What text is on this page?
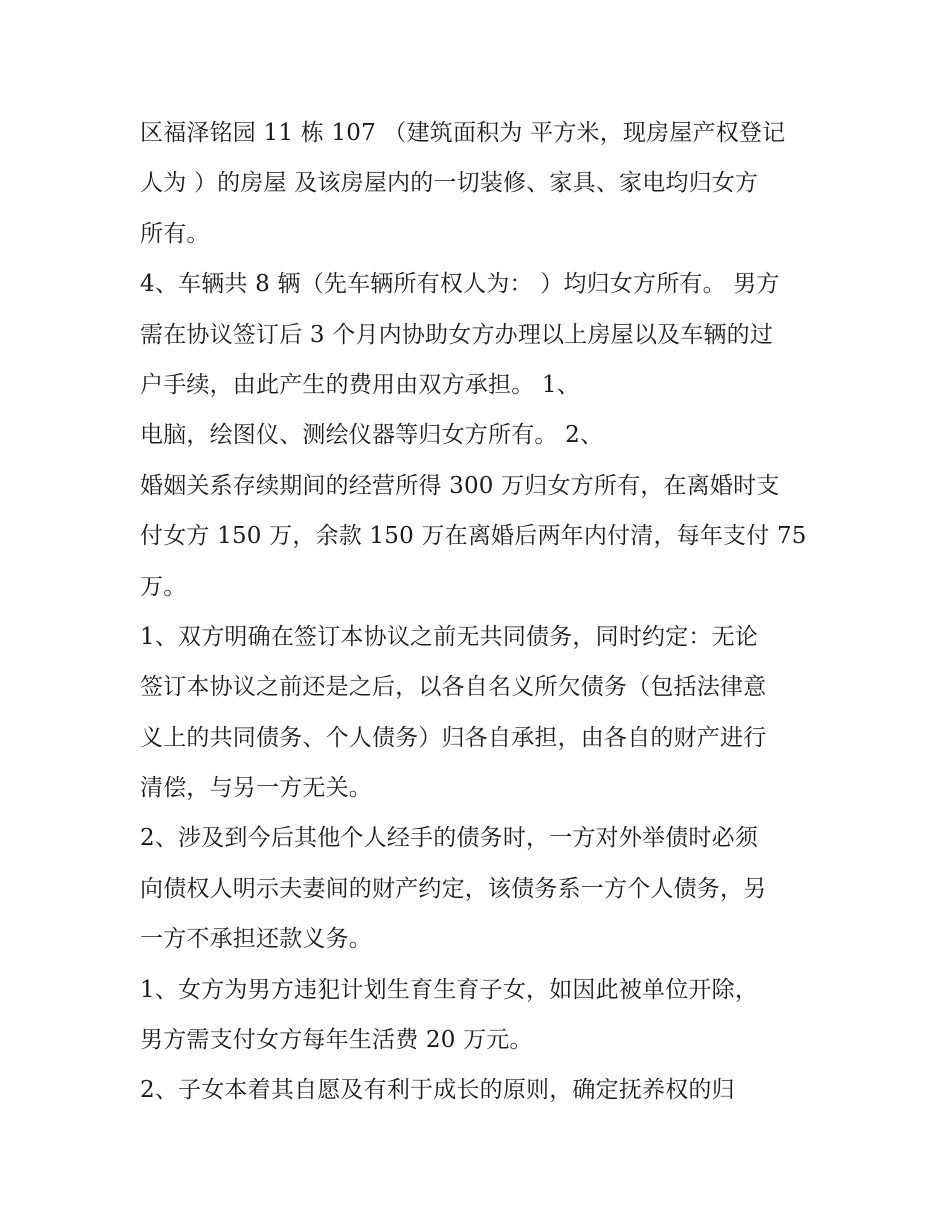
区福泽铭园 11 栋 107 （建筑面积为 平方米，现房屋产权登记
人为 ）的房屋 及该房屋内的一切装修、家具、家电均归女方
所有。
4、车辆共 8 辆（先车辆所有权人为： ）均归女方所有。 男方
需在协议签订后 3 个月内协助女方办理以上房屋以及车辆的过
户手续，由此产生的费用由双方承担。 1、
电脑，绘图仪、测绘仪器等归女方所有。 2、
婚姻关系存续期间的经营所得 300 万归女方所有，在离婚时支
付女方 150 万，余款 150 万在离婚后两年内付清，每年支付 75
万。
1、双方明确在签订本协议之前无共同债务，同时约定：无论
签订本协议之前还是之后，以各自名义所欠债务（包括法律意
义上的共同债务、个人债务）归各自承担，由各自的财产进行
清偿，与另一方无关。
2、涉及到今后其他个人经手的债务时，一方对外举债时必须
向债权人明示夫妻间的财产约定，该债务系一方个人债务，另
一方不承担还款义务。
1、女方为男方违犯计划生育生育子女，如因此被单位开除，
男方需支付女方每年生活费 20 万元。
2、子女本着其自愿及有利于成长的原则，确定抚养权的归
